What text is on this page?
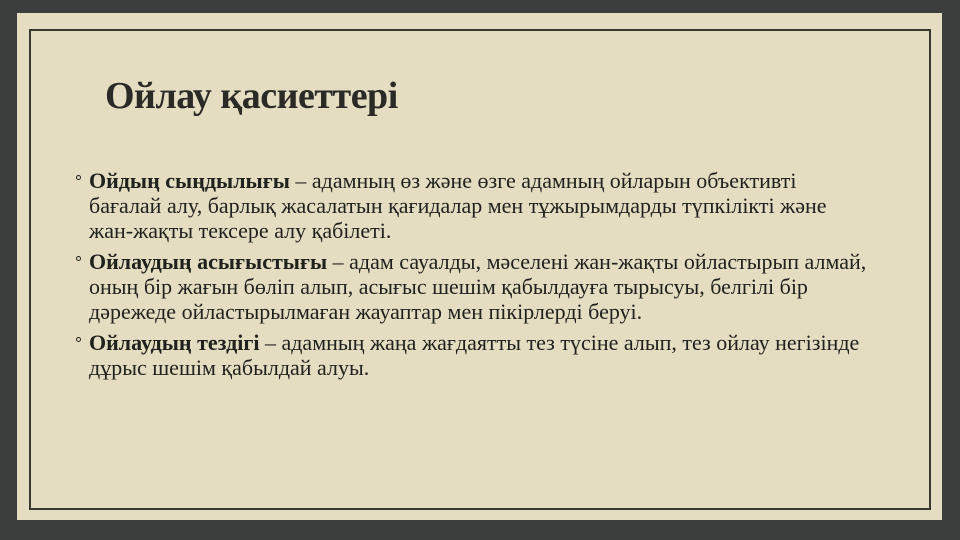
Ойлау қасиеттері
Ойдың сыңдылығы – адамның өз және өзге адамның ойларын объективті бағалай алу, барлық жасалатын қағидалар мен тұжырымдарды түпкілікті және жан-жақты тексере алу қабілеті.
Ойлаудың асығыстығы – адам сауалды, мәселені жан-жақты ойластырып алмай, оның бір жағын бөліп алып, асығыс шешім қабылдауға тырысуы, белгілі бір дәрежеде ойластырылмаған жауаптар мен пікірлерді беруі.
Ойлаудың тездігі – адамның жаңа жағдаятты тез түсіне алып, тез ойлау негізінде дұрыс шешім қабылдай алуы.
